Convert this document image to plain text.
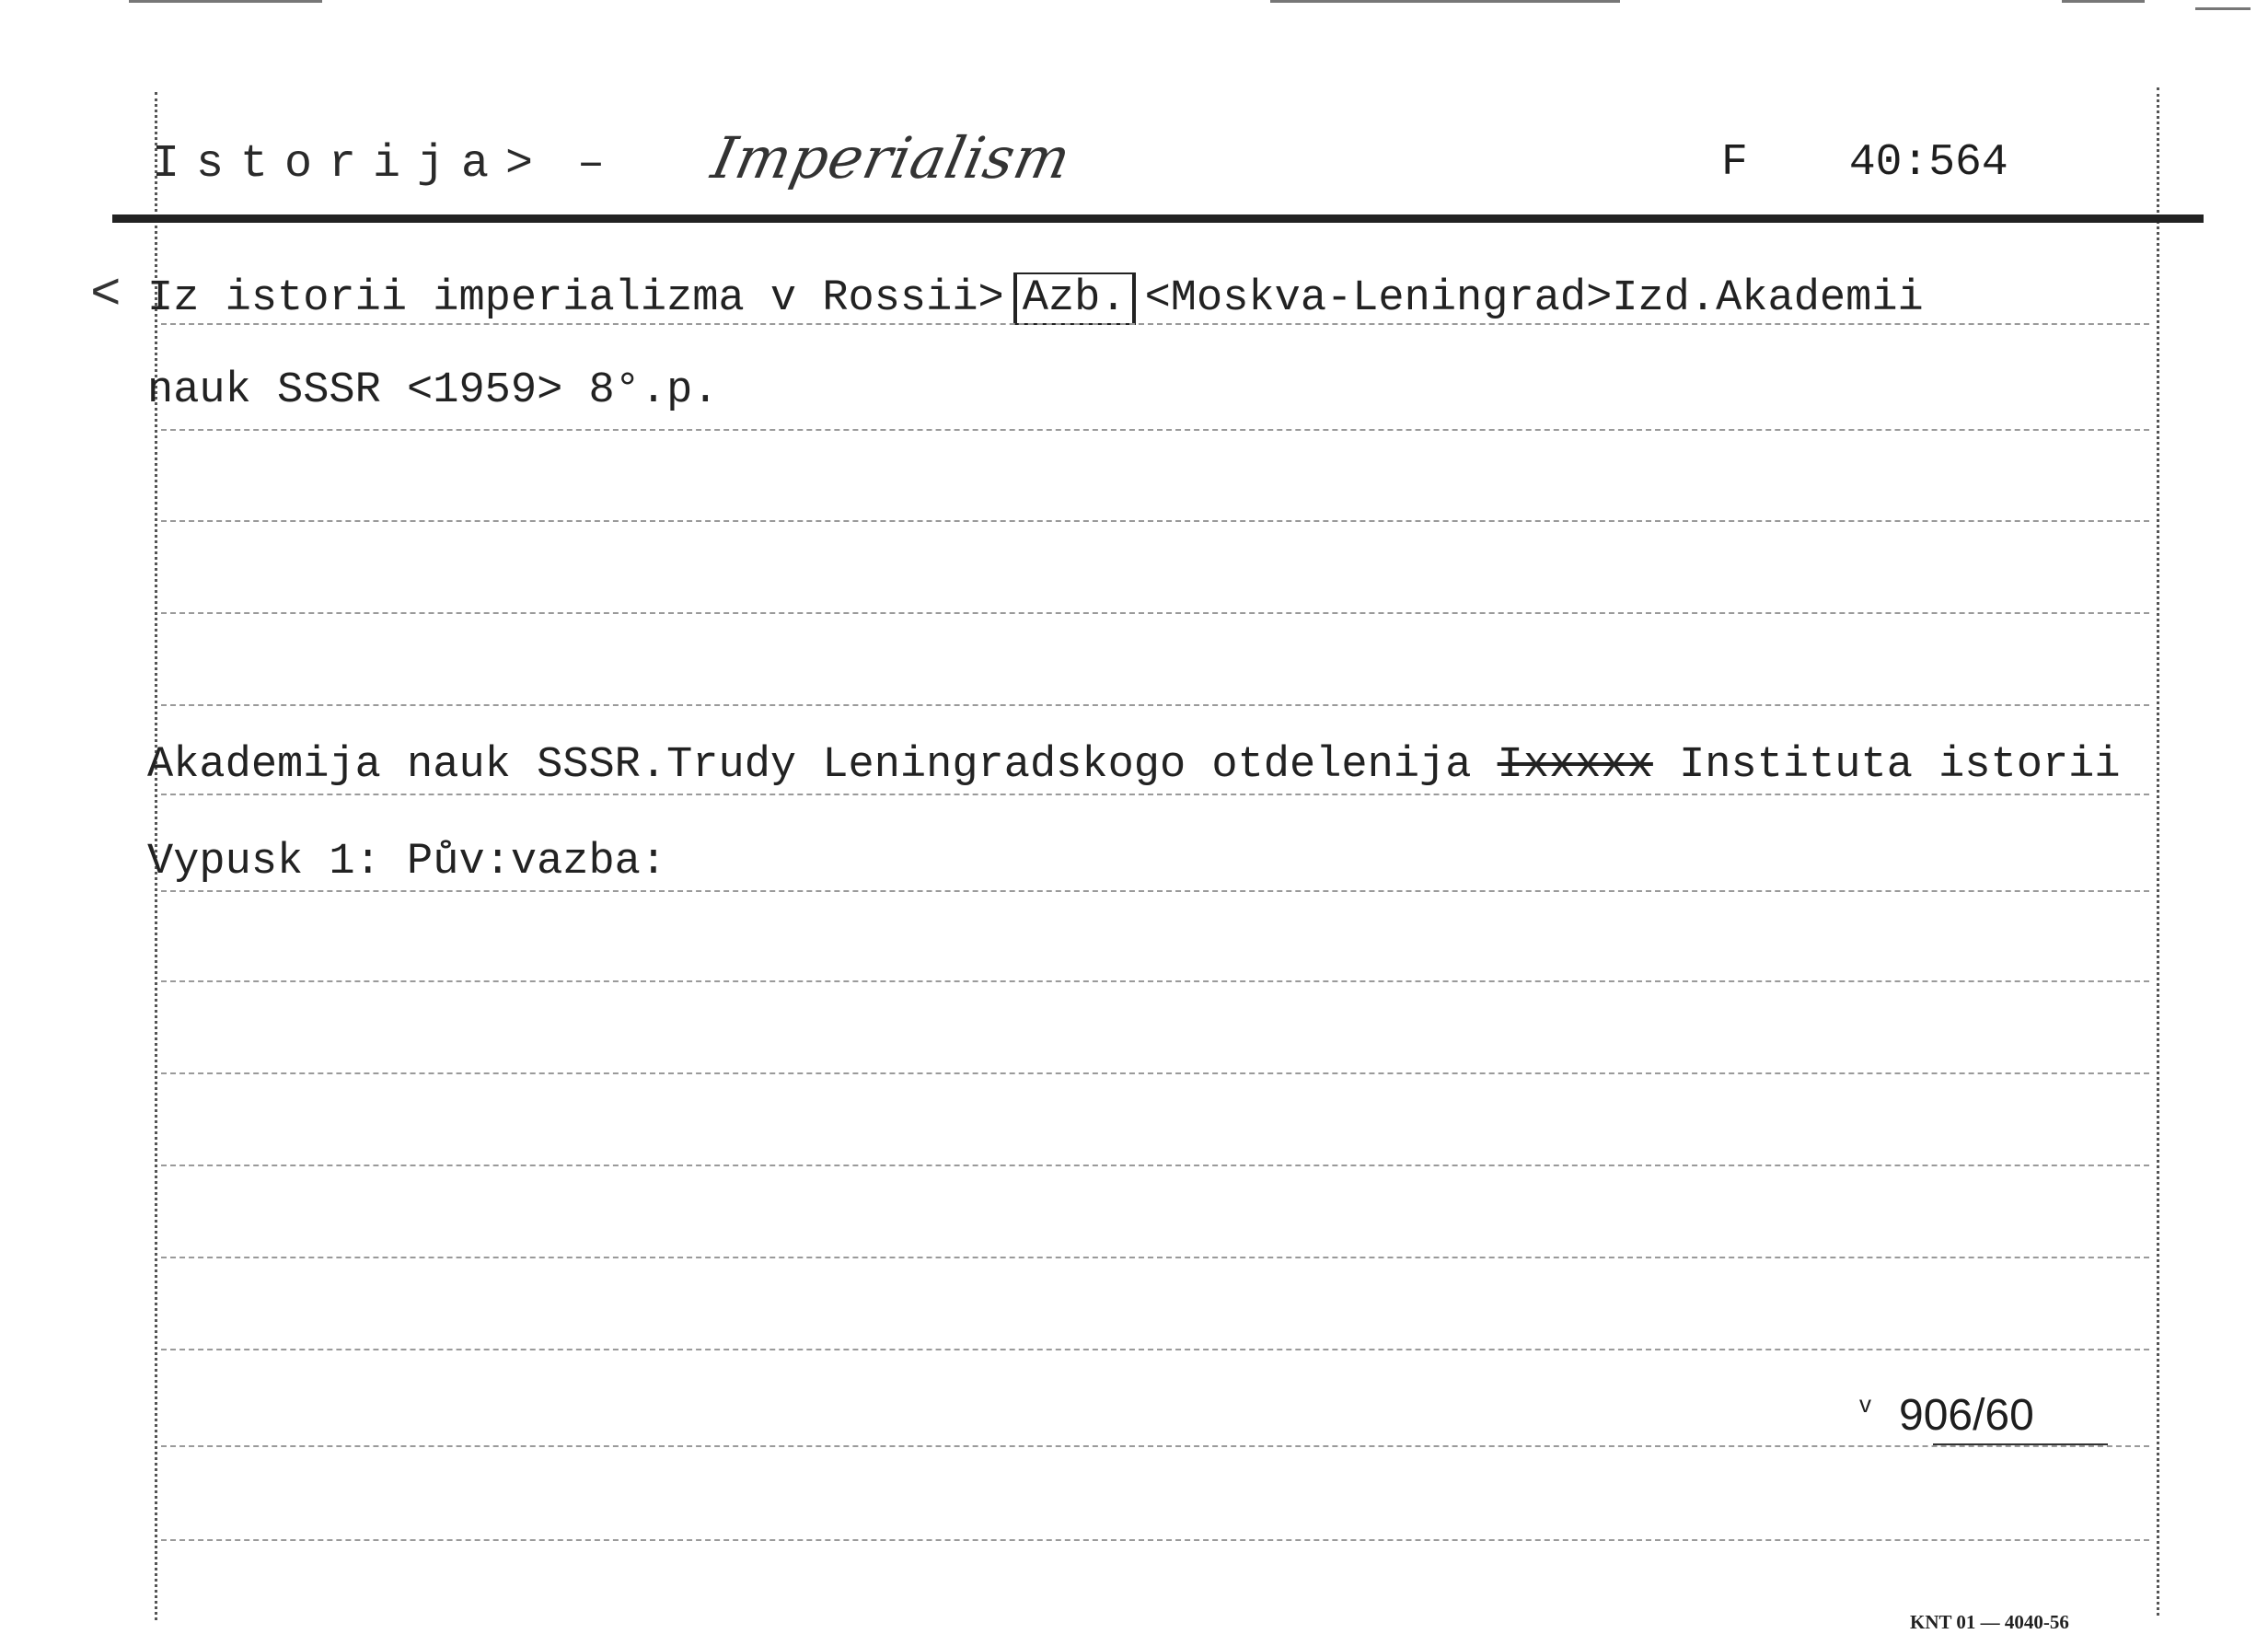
Istorija> – Imperialism	F 40:564
< Iz istorii imperializma v Rossii> Azb. <Moskva-Leningrad>Izd.Akademii
nauk SSSR <1959> 8°.p.
Akademija nauk SSSR.Trudy Leningradskogo otdelenija Ixxxxx Instituta istorii
Vypusk 1: Pův:vazba:
$^v$ 906/60
KNT 01 — 4040-56
